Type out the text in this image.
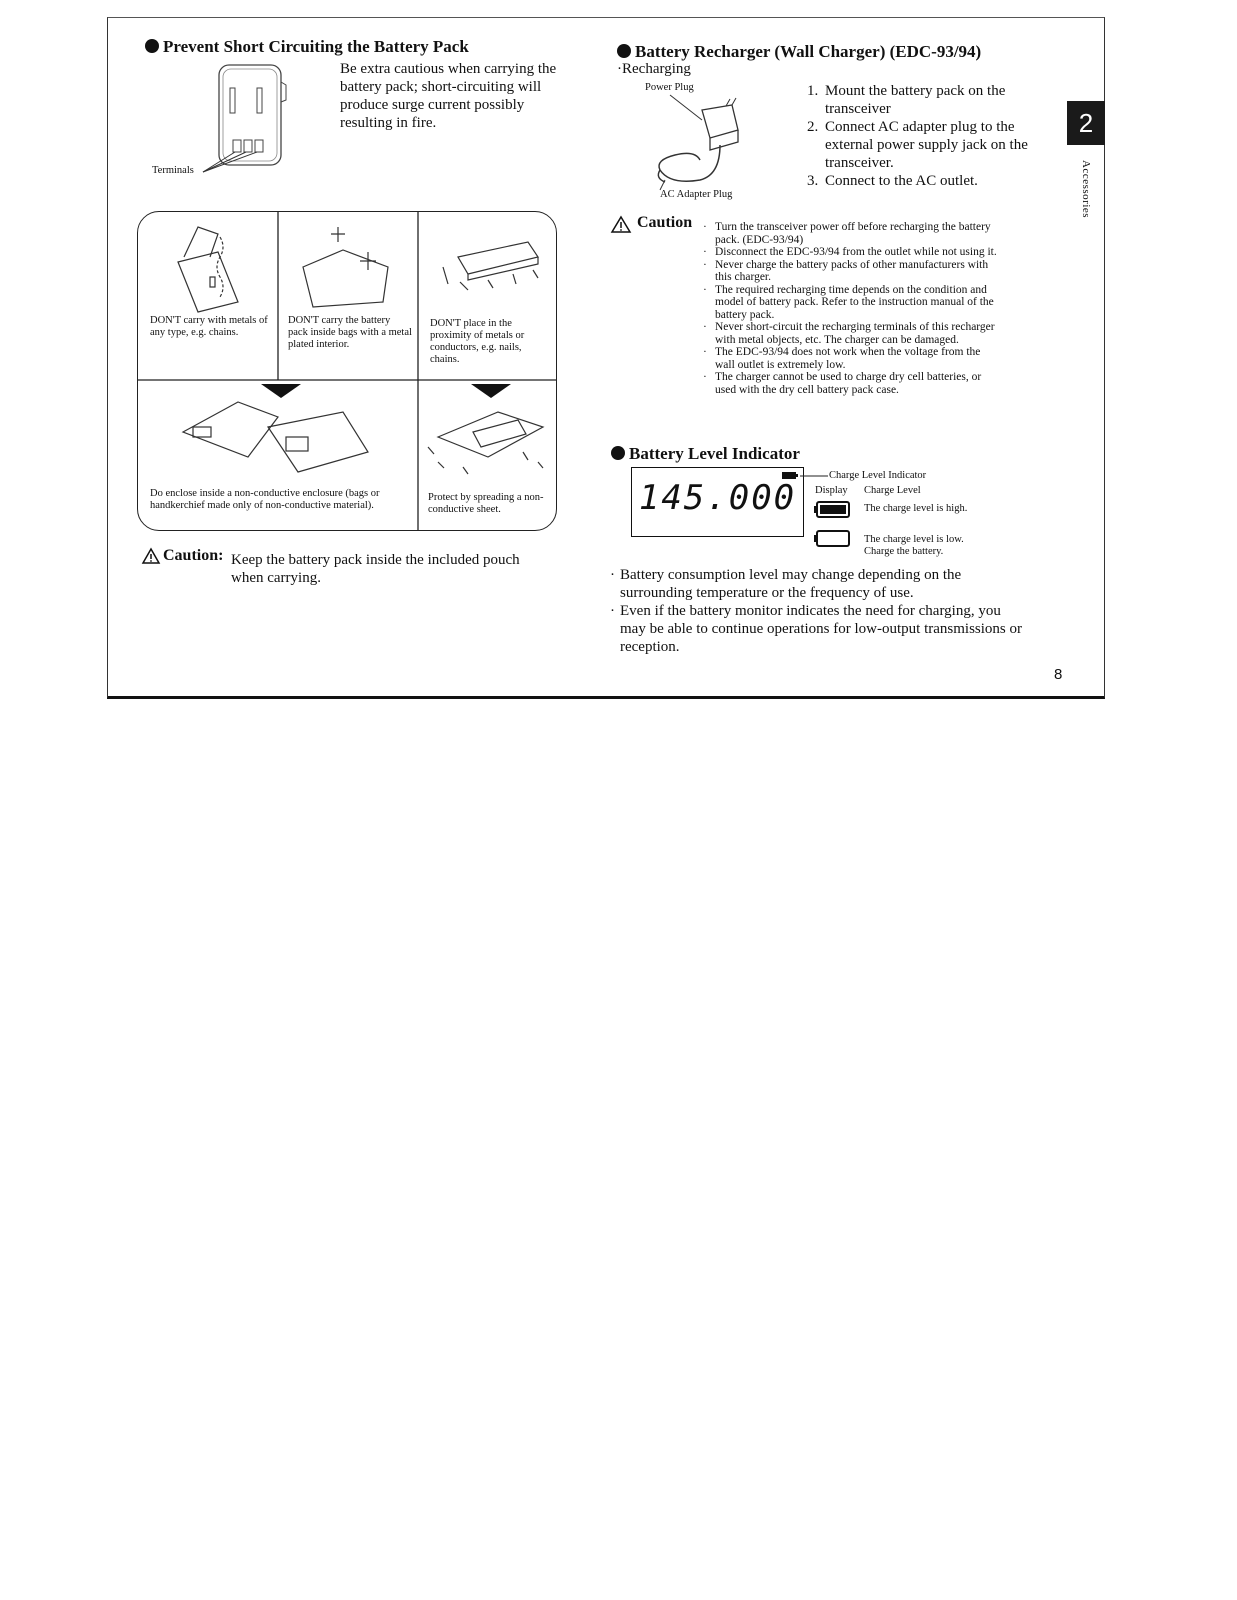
Prevent Short Circuiting the Battery Pack
Terminals
Be extra cautious when carrying the battery pack; short-circuiting will produce surge current possibly resulting in fire.
DON'T carry with metals of any type, e.g. chains.
DON'T carry the battery pack inside bags with a metal plated interior.
DON'T place in the proximity of metals or conductors, e.g. nails, chains.
Do enclose inside a non-conductive enclosure (bags or handkerchief made only of non-conductive material).
Protect by spreading a non-conductive sheet.
Caution: Keep the battery pack inside the included pouch when carrying.
Battery Recharger (Wall Charger) (EDC-93/94)
·Recharging
Power Plug
AC Adapter Plug
1. Mount the battery pack on the transceiver
2. Connect AC adapter plug to the external power supply jack on the transceiver.
3. Connect to the AC outlet.
Caution
·	Turn the transceiver power off before recharging the battery pack. (EDC-93/94)
· Disconnect the EDC-93/94 from the outlet while not using it.
· Never charge the battery packs of other manufacturers with this charger.
· The required recharging time depends on the condition and model of battery pack. Refer to the instruction manual of the battery pack.
· Never short-circuit the recharging terminals of this recharger with metal objects, etc. The charger can be damaged.
· The EDC-93/94 does not work when the voltage from the wall outlet is extremely low.
· The charger cannot be used to charge dry cell batteries, or used with the dry cell battery pack case.
Battery Level Indicator
145.000
Charge Level Indicator
Display Charge Level
The charge level is high.
The charge level is low. Charge the battery.
· Battery consumption level may change depending on the surrounding temperature or the frequency of use.
· Even if the battery monitor indicates the need for charging, you may be able to continue operations for low-output transmissions or reception.
2
Accessories
8
